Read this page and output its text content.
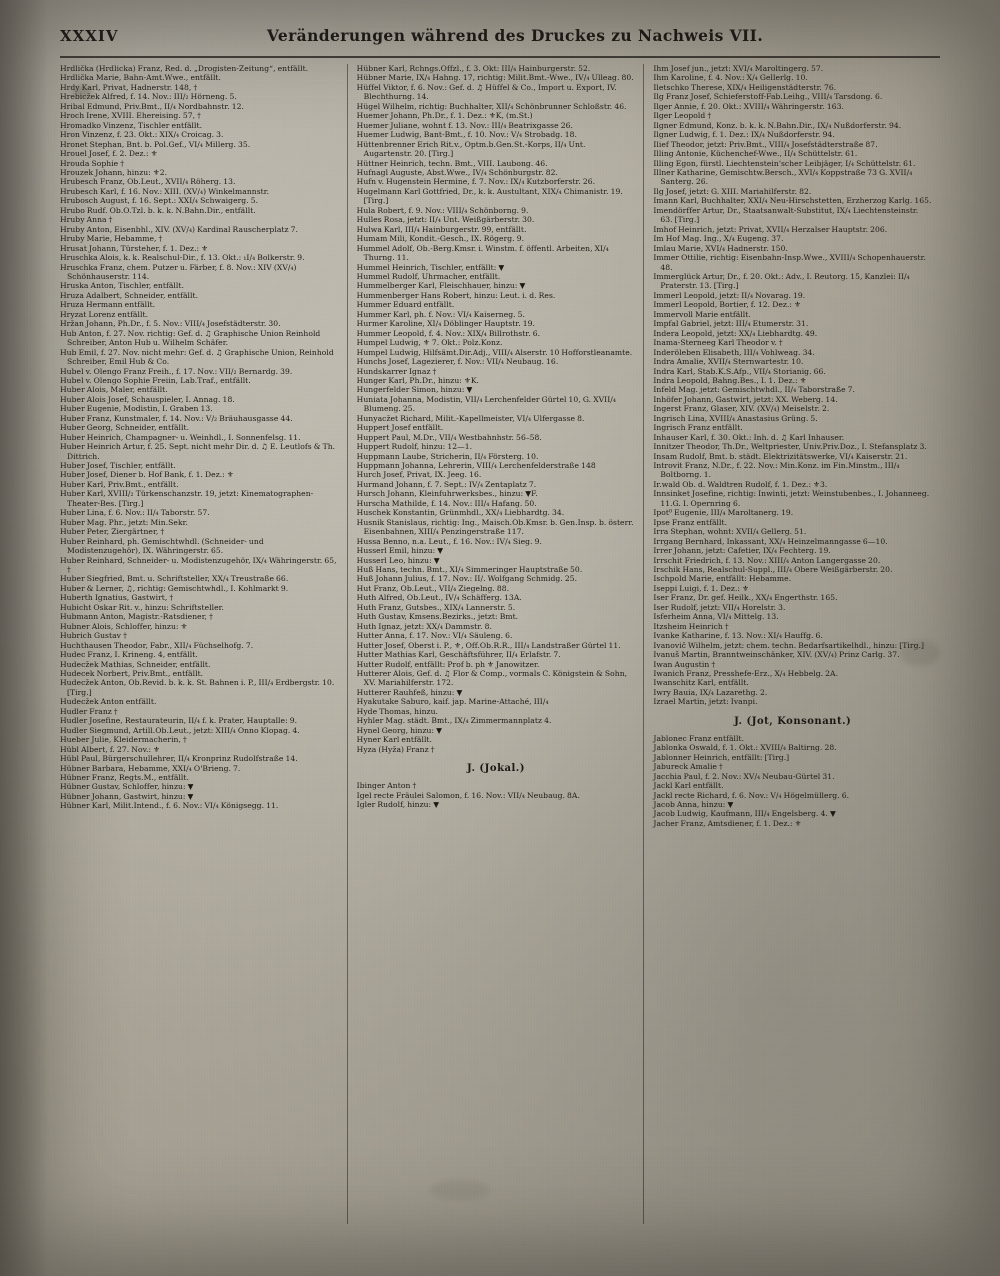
XXXIV	Veränderungen während des Druckes zu Nachweis VII.

Hrdlička (Hrdlicka) Franz, Red. d. „Drogisten-Zeitung“, entfällt.

Hrdlička Marie, Bahn-Amt.Wwe., entfällt.

Hrdy Karl, Privat, Hadnerstr. 148, †

Hrebicžek Alfred, f. 14. Nov.: III/₂ Hörneng. 5.

Hribal Edmund, Priv.Bmt., II/₄ Nordbahnstr. 12.

Hroch Irene, XVIII. Ehereising. 57, †

Hromadko Vinzenz, Tischler entfällt.

Hron Vinzenz, f. 23. Okt.: XIX/₄ Croicag. 3.

Hronet Stephan, Bnt. b. Pol.Gef., VI/₄ Millerg. 35.

Hrouel Josef, f. 2. Dez.: ⚜

Hrouda Sophie †

Hrouzek Johann, hinzu: ⚜2.

Hrubesch Franz, Ob.Leut., XVII/₄ Röherg. 13.

Hrubesch Karl, f. 16. Nov.: XIII. (XV/₄) Winkelmannstr.

Hrubosch August, f. 16. Sept.: XXI/₄ Schwaigerg. 5.

Hrubo Rudf. Ob.O.Tzl. b. k. k. N.Bahn.Dir., entfällt.

Hruby Anna †

Hruby Anton, Eisenbhl., XIV. (XV/₄) Kardinal Rauscherplatz 7.

Hruby Marie, Hebamme, †

Hrusat Johann, Türsteher, f. 1. Dez.: ⚜

Hruschka Alois, k. k. Realschul-Dir., f. 13. Okt.: ₁I/₄ Bolkerstr. 9.

Hruschka Franz, chem. Putzer u. Färber, f. 8. Nov.: XIV (XV/₄) Schönhauserstr. 114.

Hruska Anton, Tischler, entfällt.

Hruza Adalbert, Schneider, entfällt.

Hruza Hermann entfällt.

Hryzat Lorenz entfällt.

Hržan Johann, Ph.Dr., f. 5. Nov.: VIII/₄ Josefstädterstr. 30.

Hub Anton, f. 27. Nov. richtig: Gef. d. ♫ Graphische Union Reinhold Schreiber, Anton Hub u. Wilhelm Schäfer.

Hub Emil, f. 27. Nov. nicht mehr: Gef. d. ♫ Graphische Union, Reinhold Schreiber, Emil Hub & Co.

Hubel v. Olengo Franz Freih., f. 17. Nov.: VII/₂ Bernardg. 39.

Hubel v. Olengo Sophie Freiin, Lab.Traf., entfällt.

Huber Alois, Maler, entfällt.

Huber Alois Josef, Schauspieler, I. Annag. 18.

Huber Eugenie, Modistin, I. Graben 13.

Huber Franz, Kunstmaler, f. 14. Nov.: V/₂ Bräuhausgasse 44.

Huber Georg, Schneider, entfällt.

Huber Heinrich, Champagner- u. Weinhdl., I. Sonnenfelsg. 11.

Huber Heinrich Artur, f. 25. Sept. nicht mehr Dir. d. ♫ E. Leutlofs & Th. Dittrich.

Huber Josef, Tischler, entfällt.

Huber Josef, Diener b. Hof Bank, f. 1. Dez.: ⚜

Huber Karl, Priv.Bmt., entfällt.

Huber Karl, XVIII/₂ Türkenschanzstr. 19, jetzt: Kinematographen-Theater-Bes. [Tirg.]

Huber Lina, f. 6. Nov.: II/₄ Taborstr. 57.

Huber Mag. Phr., jetzt: Min.Sekr.

Huber Peter, Ziergärtner, †

Huber Reinhard, ph. Gemischtwhdl. (Schneider- und Modistenzugehör), IX. Währingerstr. 65.

Huber Reinhard, Schneider- u. Modistenzugehör, IX/₄ Währingerstr. 65, †

Huber Siegfried, Bmt. u. Schriftsteller, XX/₄ Treustraße 66.

Huber & Lerner, ♫, richtig: Gemischtwhdl., I. Kohlmarkt 9.

Huberth Ignatius, Gastwirt, †

Hubicht Oskar Rit. v., hinzu: Schriftsteller.

Hubmann Anton, Magistr.-Ratsdiener, †

Hubner Alois, Schloffer, hinzu: ⚜

Hubrich Gustav †

Huchthausen Theodor, Fabr., XII/₄ Füchselhofg. 7.

Hudec Franz, I. Krineng. 4, entfällt.

Hudecžek Mathias, Schneider, entfällt.

Hudecek Norbert, Priv.Bmt., entfällt.

Hudecžek Anton, Ob.Revid. b. k. k. St. Bahnen i. P., III/₄ Erdbergstr. 10. [Tirg.]

Hudecžek Anton entfällt.

Hudler Franz †

Hudler Josefine, Restaurateurin, II/₄ f. k. Prater, Hauptalle: 9.

Hudler Siegmund, Artill.Ob.Leut., jetzt: XIII/₄ Onno Klopag. 4.

Hueber Julie, Kleidermacherin, †

Hübl Albert, f. 27. Nov.: ⚜

Hübl Paul, Bürgerschullehrer, II/₄ Kronprinz Rudolfstraße 14.

Hübner Barbara, Hebamme, XXI/₄ O'Brieng. 7.

Hübner Franz, Regts.M., entfällt.

Hübner Gustav, Schloffer, hinzu: ▼

Hübner Johann, Gastwirt, hinzu: ▼

Hübner Karl, Milit.Intend., f. 6. Nov.: VI/₄ Königsegg. 11.

Hübner Karl, Rchngs.Offzl., f. 3. Okt: III/₄ Hainburgerstr. 52.

Hübner Marie, IX/₄ Hahng. 17, richtig: Milit.Bmt.-Wwe., IV/₄ Ulleag. 80.

Hüffel Viktor, f. 6. Nov.: Gef. d. ♫ Hüffel & Co., Import u. Export, IV. Blechthurng. 14.

Hügel Wilhelm, richtig: Buchhalter, XII/₄ Schönbrunner Schloßstr. 46.

Huemer Johann, Ph.Dr., f. 1. Dez.: ⚜K, (m.St.)

Huemer Juliane, wohnt f. 13. Nov.: III/₄ Beatrixgasse 26.

Huemer Ludwig, Bant-Bmt., f. 10. Nov.: V/₄ Strobadg. 18.

Hüttenbrenner Erich Rit.v., Optm.b.Gen.St.-Korps, II/₄ Unt. Augartenstr. 20. [Tirg.]

Hüttner Heinrich, techn. Bmt., VIII. Laubong. 46.

Hufnagl Auguste, Abst.Wwe., IV/₄ Schönburgstr. 82.

Hufn v. Hugenstein Hermine, f. 7. Nov.: IX/₄ Kutzborferstr. 26.

Hugelmann Karl Gottfried, Dr., k. k. Austultant, XIX/₄ Chimanistr. 19. [Tirg.]

Hula Robert, f. 9. Nov.: VIII/₄ Schönborng. 9.

Hulles Rosa, jetzt: II/₄ Unt. Weißgärberstr. 30.

Hulwa Karl, III/₄ Hainburgerstr. 99, entfällt.

Humam Mili, Kondit.-Gesch., IX. Rögerg. 9.

Hummel Adolf, Ob.-Berg.Kmsr. i. Winstm. f. öffentl. Arbeiten, XI/₄ Thurng. 11.

Hummel Heinrich, Tischler, entfällt: ▼

Hummel Rudolf, Uhrmacher, entfällt.

Hummelberger Karl, Fleischhauer, hinzu: ▼

Hummenberger Hans Robert, hinzu: Leut. i. d. Res.

Hummer Eduard entfällt.

Hummer Karl, ph. f. Nov.: VI/₄ Kaiserneg. 5.

Hurmer Karoline, XI/₄ Döblinger Hauptstr. 19.

Hummer Leopold, f. 4. Nov.: XIX/₄ Billrothstr. 6.

Humpel Ludwig, ⚜ 7. Okt.: Polz.Konz.

Humpel Ludwig, Hilfsämt.Dir.Adj., VIII/₄ Alserstr. 10 Hofforstleanamte.

Hunchs Josef, Lagezierer, f. Nov.: VII/₄ Neubaug. 16.

Hundskarrer Ignaz †

Hunger Karl, Ph.Dr., hinzu: ⚜K.

Hungerfelder Simon, hinzu: ▼

Huniata Johanna, Modistin, VII/₄ Lerchenfelder Gürtel 10, G. XVII/₄ Blumeng. 25.

Hunyacžet Richard, Milit.-Kapellmeister, VI/₄ Ulfergasse 8.

Huppert Josef entfällt.

Huppert Paul, M.Dr., VII/₄ Westbahnhstr. 56–58.

Huppert Rudolf, hinzu: 12—1.

Huppmann Laube, Stricherin, II/₄ Försterg. 10.

Huppmann Johanna, Lehrerin, VIII/₄ Lerchenfelderstraße 148

Hurch Josef, Privat, IX. Jeeg. 16.

Hurmand Johann, f. 7. Sept.: IV/₄ Zentaplatz 7.

Hursch Johann, Kleinfuhrwerksbes., hinzu: ▼F.

Hurscha Mathilde, f. 14. Nov.: III/₄ Hafang. 50.

Huschek Konstantin, Grünmhdl., XX/₄ Liebhardtg. 34.

Husnik Stanislaus, richtig: Ing., Maisch.Ob.Kmsr. b. Gen.Insp. b. österr. Eisenbahnen, XIII/₄ Penzingerstraße 117.

Hussa Benno, n.a. Leut., f. 16. Nov.: IV/₄ Sieg. 9.

Husserl Emil, hinzu: ▼

Husserl Leo, hinzu: ▼

Huß Hans, techn. Bmt., XI/₄ Simmeringer Hauptstraße 50.

Huß Johann Julius, f. 17. Nov.: II/. Wolfgang Schmidg. 25.

Hut Franz, Ob.Leut., VII/₄ Ziegelng. 88.

Huth Alfred, Ob.Leut., IV/₄ Schäfferg. 13A.

Huth Franz, Gutsbes., XIX/₄ Lannerstr. 5.

Huth Gustav, Kmsens.Bezirks., jetzt: Bmt.

Huth Ignaz, jetzt: XX/₄ Dammstr. 8.

Hutter Anna, f. 17. Nov.: VI/₄ Säuleng. 6.

Hutter Josef, Oberst i. P., ⚜, Off.Ob.R.R., III/₄ Landstraßer Gürtel 11.

Hutter Mathias Karl, Geschäftsführer, II/₄ Erlafstr. 7.

Hutter Rudolf, entfällt: Prof b. ph ⚜ Janowitzer.

Hutterer Alois, Gef. d. ♫ Flor & Comp., vormals C. Königstein & Sohn, XV. Mariahilferstr. 172.

Hutterer Rauhfeß, hinzu: ▼

Hyakutake Saburo, kaif. jap. Marine-Attaché, III/₄

Hyde Thomas, hinzu.

Hyhler Mag. städt. Bmt., IX/₄ Zimmermannplatz 4.

Hynel Georg, hinzu: ▼

Hyner Karl entfällt.

Hyza (Hyža) Franz †

J. (Jokal.)

Ibinger Anton †

Igel recte Fräulei Salomon, f. 16. Nov.: VII/₄ Neubaug. 8A.

Igler Rudolf, hinzu: ▼

Ihm Josef jun., jetzt: XVI/₄ Maroltingerg. 57.

Ihm Karoline, f. 4. Nov.: X/₄ Gellerlg. 10.

Iletschko Therese, XIX/₄ Heiligenstädterstr. 76.

Ilg Franz Josef, Schieferstoff-Fab.Leihg., VIII/₄ Tarsdong. 6.

Ilger Annie, f. 20. Okt.: XVIII/₄ Währingerstr. 163.

Ilger Leopold †

Ilgner Edmund, Konz. b. k. k. N.Bahn.Dir., IX/₄ Nußdorferstr. 94.

Ilgner Ludwig, f. 1. Dez.: IX/₄ Nußdorferstr. 94.

Ilief Theodor, jetzt: Priv.Bmt., VIII/₄ Josefstädterstraße 87.

Illing Antonie, Küchenchef-Wwe., II/₄ Schüttelstr. 61.

Illing Egon, fürstl. Liechtenstein'scher Leibjäger, I/₄ Schüttelstr. 61.

Illner Katharine, Gemischtw.Bersch., XVI/₄ Koppstraße 73 G. XVII/₄ Santerg. 26.

Ilg Josef, jetzt: G. XIII. Mariahilferstr. 82.

Imann Karl, Buchhalter, XXI/₄ Neu-Hirschstetten, Erzherzog Karlg. 165.

Imendörffer Artur, Dr., Staatsanwalt-Substitut, IX/₄ Liechtensteinstr. 63. [Tirg.]

Imhof Heinrich, jetzt: Privat, XVII/₄ Herzalser Hauptstr. 206.

Im Hof Mag. Ing., X/₄ Eugeng. 37.

Imlau Marie, XVI/₄ Hadnerstr. 150.

Immer Ottilie, richtig: Eisenbahn-Insp.Wwe., XVIII/₄ Schopenhauerstr. 48.

Immerglück Artur, Dr., f. 20. Okt.: Adv., I. Reutorg. 15, Kanzlei: II/₄ Praterstr. 13. [Tirg.]

Immerl Leopold, jetzt: II/₄ Novarag. 19.

Immerl Leopold, Bortier, f. 12. Dez.: ⚜

Immervoll Marie entfällt.

Impfal Gabriel, jetzt: III/₄ Etumerstr. 31.

Indera Leopold, jetzt: XX/₄ Liebhardtg. 49.

Inama-Sterneeg Karl Theodor v. †

Inderöleben Elisabeth, III/₄ Vohlweag. 34.

Indra Amalie, XVII/₄ Sternwartestr. 10.

Indra Karl, Stab.K.S.Afp., VII/₄ Storianig. 66.

Indra Leopold, Bahng.Bes., I. 1. Dez.: ⚜

Infeld Mag. jetzt: Gemischtwhdl., II/₄ Taborstraße 7.

Inhöfer Johann, Gastwirt, jetzt: XX. Weberg. 14.

Ingerst Franz, Glaser, XIV. (XV/₄) Meiselstr. 2.

Ingrisch Lina, XVIII/₄ Anastasius Grüng. 5.

Ingrisch Franz entfällt.

Inhauser Karl, f. 30. Okt.: Inh. d. ♫ Karl Inhauser.

Innitzer Theodor, Th.Dr., Weltpriester, Univ.Priv.Doz., I. Stefansplatz 3.

Insam Rudolf, Bmt. b. städt. Elektrizitätswerke, VI/₄ Kaiserstr. 21.

Introvit Franz, N.Dr., f. 22. Nov.: Min.Konz. im Fin.Minstm., III/₄ Boltborng. 1.

Ir.wald Ob. d. Waldtren Rudolf, f. 1. Dez.: ⚜3.

Innsinket Josefine, richtig: Inwinti, jetzt: Weinstubenbes., I. Johanneeg. 11.G. I. Opernring 6.

Ipot⁰ Eugenie, III/₄ Maroltanerg. 19.

Ipse Franz entfällt.

Irra Stephan, wohnt: XVII/₄ Gellerg. 51.

Irrgang Bernhard, Inkassant, XX/₄ Heinzelmanngasse 6—10.

Irrer Johann, jetzt: Cafetier, IX/₄ Fechterg. 19.

Irrschit Friedrich, f. 13. Nov.: XIII/₄ Anton Langergasse 20.

Irschik Hans, Realschul-Suppl., III/₄ Obere Weißgärberstr. 20.

Ischpold Marie, entfällt: Hebamme.

Iseppi Luigi, f. 1. Dez.: ⚜

Iser Franz, Dr. gef. Heilk., XX/₄ Engerthstr. 165.

Iser Rudolf, jetzt: VII/₄ Horelstr. 3.

Isferheim Anna, VI/₄ Mittelg. 13.

Itzsheim Heinrich †

Ivanke Katharine, f. 13. Nov.: XI/₄ Hauffg. 6.

Ivanovič Wilhelm, jetzt: chem. techn. Bedarfsartikelhdl., hinzu: [Tirg.]

Ivanuš Martin, Branntweinschänker, XIV. (XV/₄) Prinz Carlg. 37.

Iwan Augustin †

Iwanich Franz, Presshefe-Erz., X/₄ Hebbelg. 2A.

Iwanschitz Karl, entfällt.

Iwry Bauia, IX/₄ Lazarethg. 2.

Izrael Martin, jetzt: Ivanpi.

J. (Jot, Konsonant.)

Jablonec Franz entfällt.

Jablonka Oswald, f. 1. Okt.: XVIII/₄ Baltirng. 28.

Jablonner Heinrich, entfällt: [Tirg.]

Jabureck Amalie †

Jacchia Paul, f. 2. Nov.: XV/₄ Neubau-Gürtel 31.

Jackl Karl entfällt.

Jackl recte Richard, f. 6. Nov.: V/₄ Högelmüllerg. 6.

Jacob Anna, hinzu: ▼

Jacob Ludwig, Kaufmann, III/₄ Engelsberg. 4. ▼

Jacher Franz, Amtsdiener, f. 1. Dez.: ⚜
